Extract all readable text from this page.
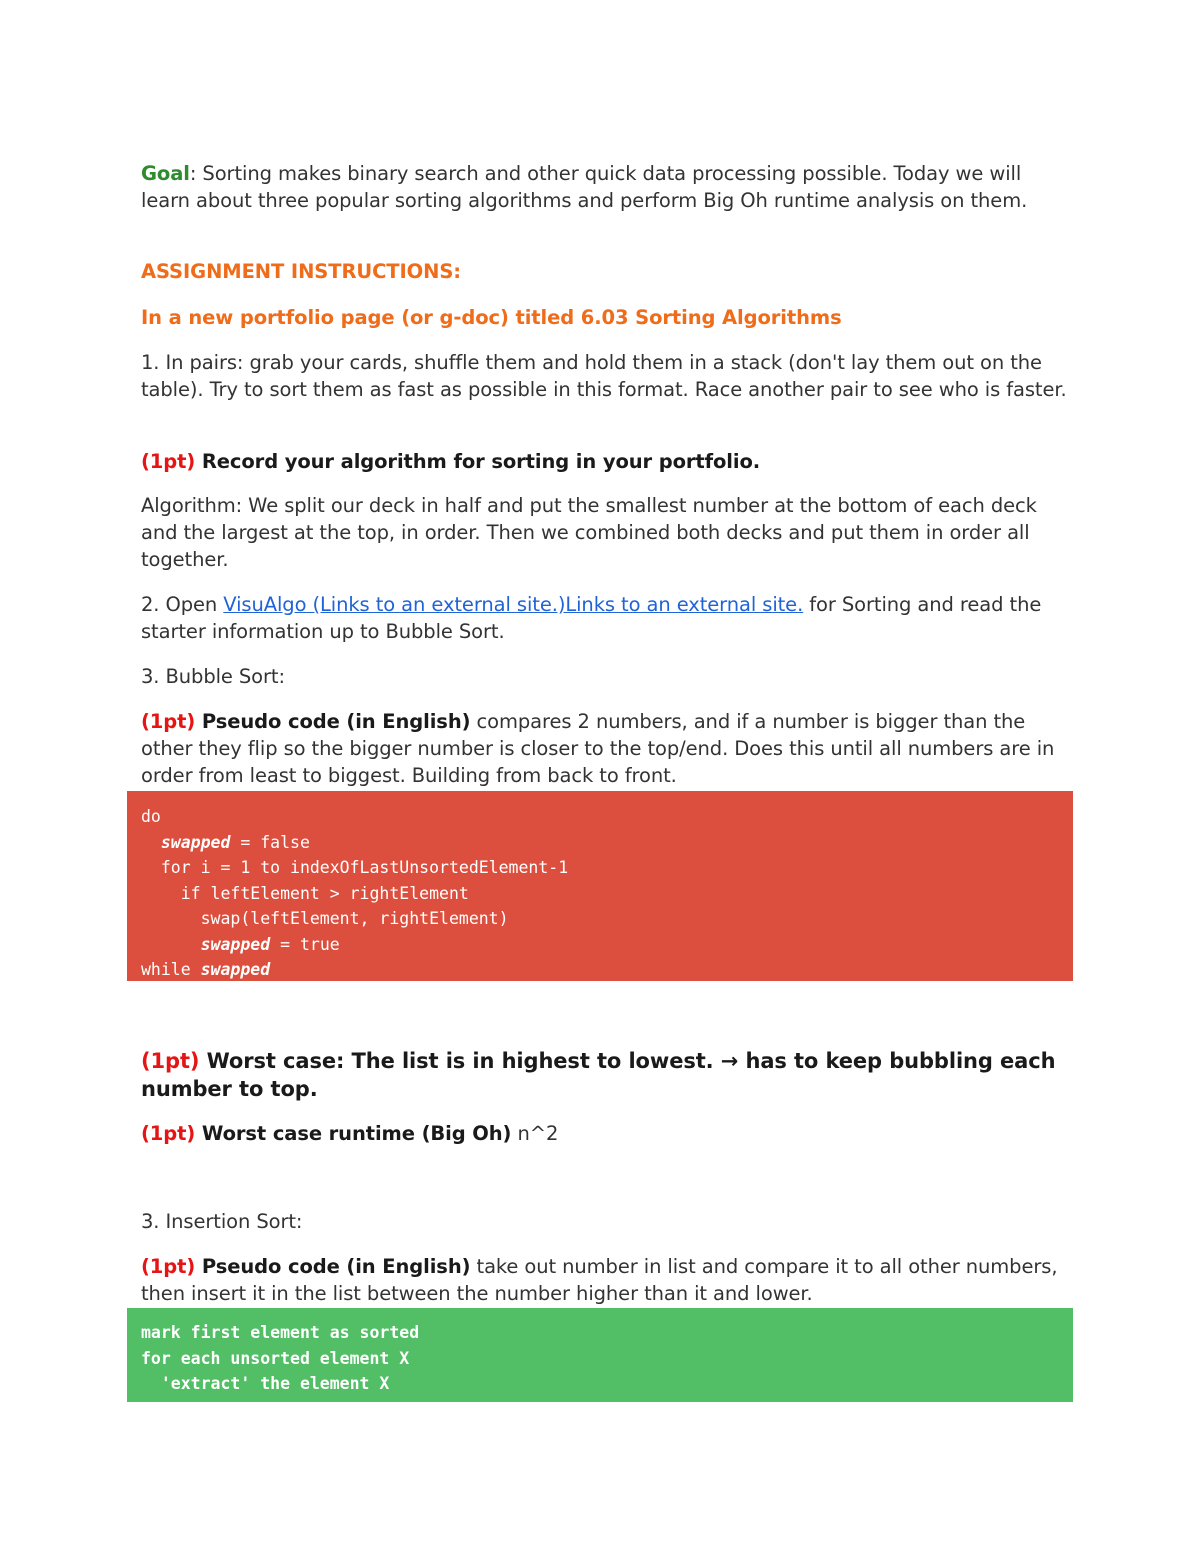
Goal: Sorting makes binary search and other quick data processing possible. Today we will learn about three popular sorting algorithms and perform Big Oh runtime analysis on them.

ASSIGNMENT INSTRUCTIONS:

In a new portfolio page (or g-doc) titled 6.03 Sorting Algorithms

1. In pairs: grab your cards, shuffle them and hold them in a stack (don't lay them out on the table). Try to sort them as fast as possible in this format. Race another pair to see who is faster.

(1pt) Record your algorithm for sorting in your portfolio.

Algorithm: We split our deck in half and put the smallest number at the bottom of each deck and the largest at the top, in order. Then we combined both decks and put them in order all together.

2. Open VisuAlgo (Links to an external site.)Links to an external site. for Sorting and read the starter information up to Bubble Sort.

3. Bubble Sort:

(1pt) Pseudo code (in English) compares 2 numbers, and if a number is bigger than the other they flip so the bigger number is closer to the top/end. Does this until all numbers are in order from least to biggest. Building from back to front.

do
swapped = false
for i = 1 to indexOfLastUnsortedElement-1
if leftElement > rightElement
swap(leftElement, rightElement)
swapped = true
while swapped

(1pt) Worst case: The list is in highest to lowest. → has to keep bubbling each number to top.

(1pt) Worst case runtime (Big Oh) n^2

3. Insertion Sort:

(1pt) Pseudo code (in English) take out number in list and compare it to all other numbers, then insert it in the list between the number higher than it and lower.

mark first element as sorted
for each unsorted element X
'extract' the element X
